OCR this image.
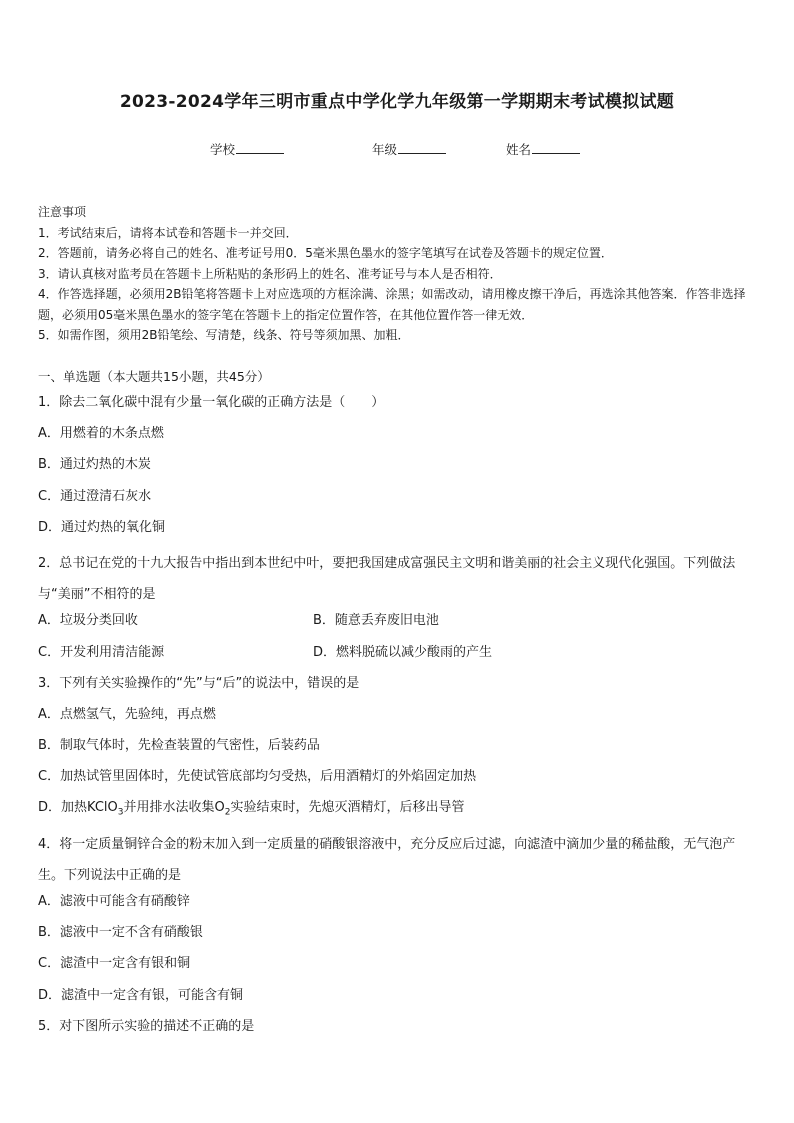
2023-2024学年三明市重点中学化学九年级第一学期期末考试模拟试题
学校	年级	姓名
注意事项
1．考试结束后，请将本试卷和答题卡一并交回．
2．答题前，请务必将自己的姓名、准考证号用0．5毫米黑色墨水的签字笔填写在试卷及答题卡的规定位置．
3．请认真核对监考员在答题卡上所粘贴的条形码上的姓名、准考证号与本人是否相符．
4．作答选择题，必须用2B铅笔将答题卡上对应选项的方框涂满、涂黑；如需改动，请用橡皮擦干净后，再选涂其他答案．作答非选择题，必须用05毫米黑色墨水的签字笔在答题卡上的指定位置作答，在其他位置作答一律无效．
5．如需作图，须用2B铅笔绘、写清楚，线条、符号等须加黑、加粗．
一、单选题（本大题共15小题，共45分）
1．除去二氧化碳中混有少量一氧化碳的正确方法是（　　）
A．用燃着的木条点燃
B．通过灼热的木炭
C．通过澄清石灰水
D．通过灼热的氧化铜
2．总书记在党的十九大报告中指出到本世纪中叶，要把我国建成富强民主文明和谐美丽的社会主义现代化强国。下列做法与“美丽”不相符的是
A．垃圾分类回收	B．随意丢弃废旧电池
C．开发利用清洁能源	D．燃料脱硫以减少酸雨的产生
3．下列有关实验操作的“先”与“后”的说法中，错误的是
A．点燃氢气，先验纯，再点燃
B．制取气体时，先检查装置的气密性，后装药品
C．加热试管里固体时，先使试管底部均匀受热，后用酒精灯的外焰固定加热
D．加热KClO$_3$并用排水法收集$O_2$实验结束时，先熄灭酒精灯，后移出导管
4．将一定质量铜锌合金的粉末加入到一定质量的硝酸银溶液中，充分反应后过滤，向滤渣中滴加少量的稀盐酸，无气泡产生。下列说法中正确的是
A．滤液中可能含有硝酸锌
B．滤液中一定不含有硝酸银
C．滤渣中一定含有银和铜
D．滤渣中一定含有银，可能含有铜
5．对下图所示实验的描述不正确的是
